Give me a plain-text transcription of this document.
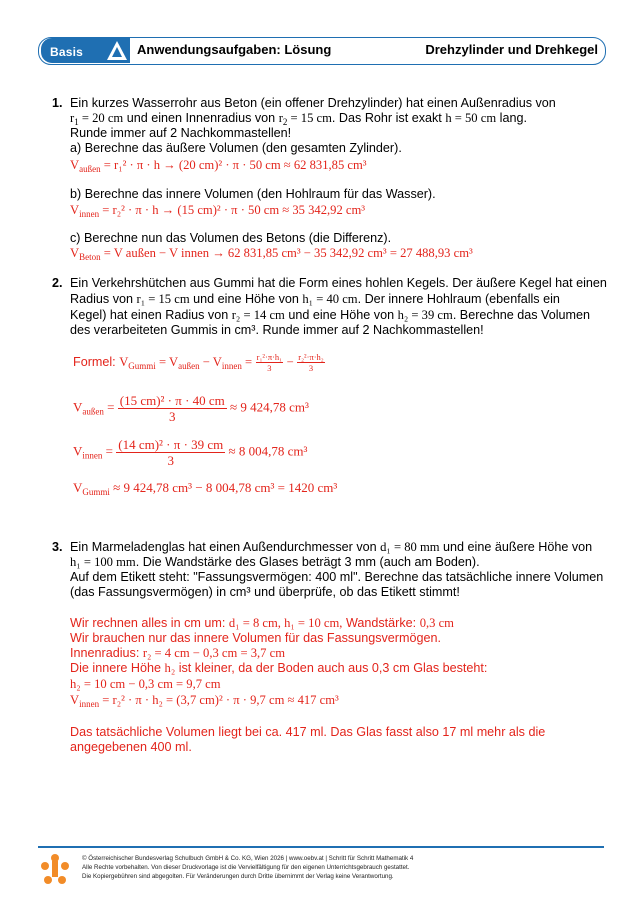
Basis	Anwendungsaufgaben: Lösung	Drehzylinder und Drehkegel
1. Ein kurzes Wasserrohr aus Beton (ein offener Drehzylinder) hat einen Außenradius von
$r_1 = 20$ cm und einen Innenradius von $r_2 = 15$ cm. Das Rohr ist exakt h = 50 cm lang.
Runde immer auf 2 Nachkommastellen!
a) Berechne das äußere Volumen (den gesamten Zylinder).
$V_{außen} = r_1^2 \cdot \pi \cdot h \to (20$ cm)² · π · 50 cm ≈ 62 831,85 cm³
b) Berechne das innere Volumen (den Hohlraum für das Wasser).
$V_{innen} = r_2^2 \cdot \pi \cdot h \to (15$ cm)² · π · 50 cm ≈ 35 342,92 cm³
c) Berechne nun das Volumen des Betons (die Differenz).
$V_{Beton} = V$ außen − V innen → 62 831,85 cm³ − 35 342,92 cm³ = 27 488,93 cm³
2. Ein Verkehrshütchen aus Gummi hat die Form eines hohlen Kegels. Der äußere Kegel hat einen
Radius von r₁ = 15 cm und eine Höhe von h₁ = 40 cm. Der innere Hohlraum (ebenfalls ein
Kegel) hat einen Radius von r₂ = 14 cm und eine Höhe von h₂ = 39 cm. Berechne das Volumen
des verarbeiteten Gummis in cm³. Runde immer auf 2 Nachkommastellen!
Formel: $V_{Gummi} = V_{außen} - V_{innen} = \frac{\text{r₁²·π·h₁}}{3} - \frac{\text{r₂²·π·h₂}}{3}$
$V_{außen} = \frac{\text{(15 cm)² · π · 40 cm}}{3} \approx 9$ 424,78 cm³
$V_{innen} = \frac{\text{(14 cm)² · π · 39 cm}}{3} \approx 8$ 004,78 cm³
$V_{Gummi} \approx 9$ 424,78 cm³ − 8 004,78 cm³ = 1420 cm³
3. Ein Marmeladenglas hat einen Außendurchmesser von d₁ = 80 mm und eine äußere Höhe von
h₁ = 100 mm. Die Wandstärke des Glases beträgt 3 mm (auch am Boden).
Auf dem Etikett steht: "Fassungsvermögen: 400 ml". Berechne das tatsächliche innere Volumen
(das Fassungsvermögen) in cm³ und überprüfe, ob das Etikett stimmt!
Wir rechnen alles in cm um: d₁ = 8 cm, h₁ = 10 cm, Wandstärke: 0,3 cm
Wir brauchen nur das innere Volumen für das Fassungsvermögen.
Innenradius: r₂ = 4 cm − 0,3 cm = 3,7 cm
Die innere Höhe h₂ ist kleiner, da der Boden auch aus 0,3 cm Glas besteht:
h₂ = 10 cm − 0,3 cm = 9,7 cm
$V_{innen} = r_2^2 \cdot \pi \cdot h_2 = (3,7$ cm)² · π · 9,7 cm ≈ 417 cm³
Das tatsächliche Volumen liegt bei ca. 417 ml. Das Glas fasst also 17 ml mehr als die
angegebenen 400 ml.
© Österreichischer Bundesverlag Schulbuch GmbH & Co. KG, Wien 2026 | www.oebv.at | Schritt für Schritt Mathematik 4
Alle Rechte vorbehalten. Von dieser Druckvorlage ist die Vervielfältigung für den eigenen Unterrichtsgebrauch gestattet.
Die Kopiergebühren sind abgegolten. Für Veränderungen durch Dritte übernimmt der Verlag keine Verantwortung.
